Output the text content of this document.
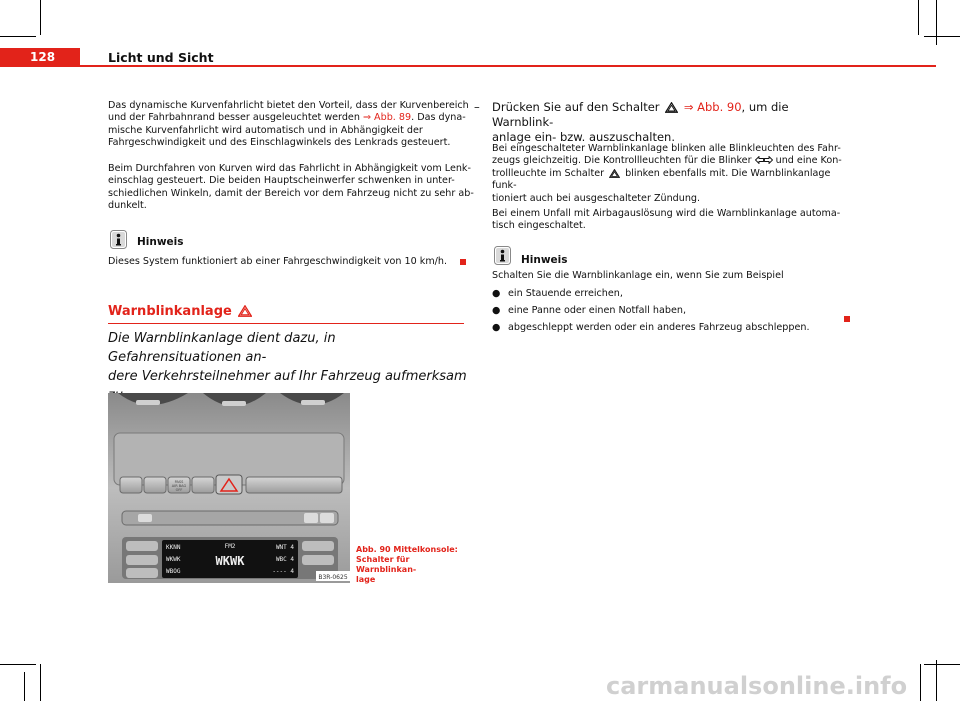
128	Licht und Sicht

Das dynamische Kurvenfahrlicht bietet den Vorteil, dass der Kurvenbereich
und der Fahrbahnrand besser ausgeleuchtet werden ⇒ Abb. 89. Das dyna-
mische Kurvenfahrlicht wird automatisch und in Abhängigkeit der
Fahrgeschwindigkeit und des Einschlagwinkels des Lenkrads gesteuert.

Beim Durchfahren von Kurven wird das Fahrlicht in Abhängigkeit vom Lenk-
einschlag gesteuert. Die beiden Hauptscheinwerfer schwenken in unter-
schiedlichen Winkeln, damit der Bereich vor dem Fahrzeug nicht zu sehr ab-
dunkelt.

Hinweis
Dieses System funktioniert ab einer Fahrgeschwindigkeit von 10 km/h.
Warnblinkanlage

Die Warnblinkanlage dient dazu, in Gefahrensituationen an-
dere Verkehrsteilnehmer auf Ihr Fahrzeug aufmerksam

PASS
AIR BAG
OFF
KKNN
WKWK
WBOG
FM2
WKWK
WNT 4
WBC 4
---- 4
B3R-0625

Abb. 90 Mittelkonsole:
Schalter für Warnblinkan-
lage

– Drücken Sie auf den Schalter  ⇒ Abb. 90, um die Warnblink-
anlage ein- bzw. auszuschalten.

Bei eingeschalteter Warnblinkanlage blinken alle Blinkleuchten des Fahr-
zeugs gleichzeitig. Die Kontrollleuchten für die Blinker  und eine Kon-
trollleuchte im Schalter  blinken ebenfalls mit. Die Warnblinkanlage funk-
tioniert auch bei ausgeschalteter Zündung.

Bei einem Unfall mit Airbagauslösung wird die Warnblinkanlage automa-
tisch eingeschaltet.

Hinweis
Schalten Sie die Warnblinkanlage ein, wenn Sie zum Beispiel
● ein Stauende erreichen,
● eine Panne oder einen Notfall haben,
● abgeschleppt werden oder ein anderes Fahrzeug abschleppen.
carmanualsonline.info
